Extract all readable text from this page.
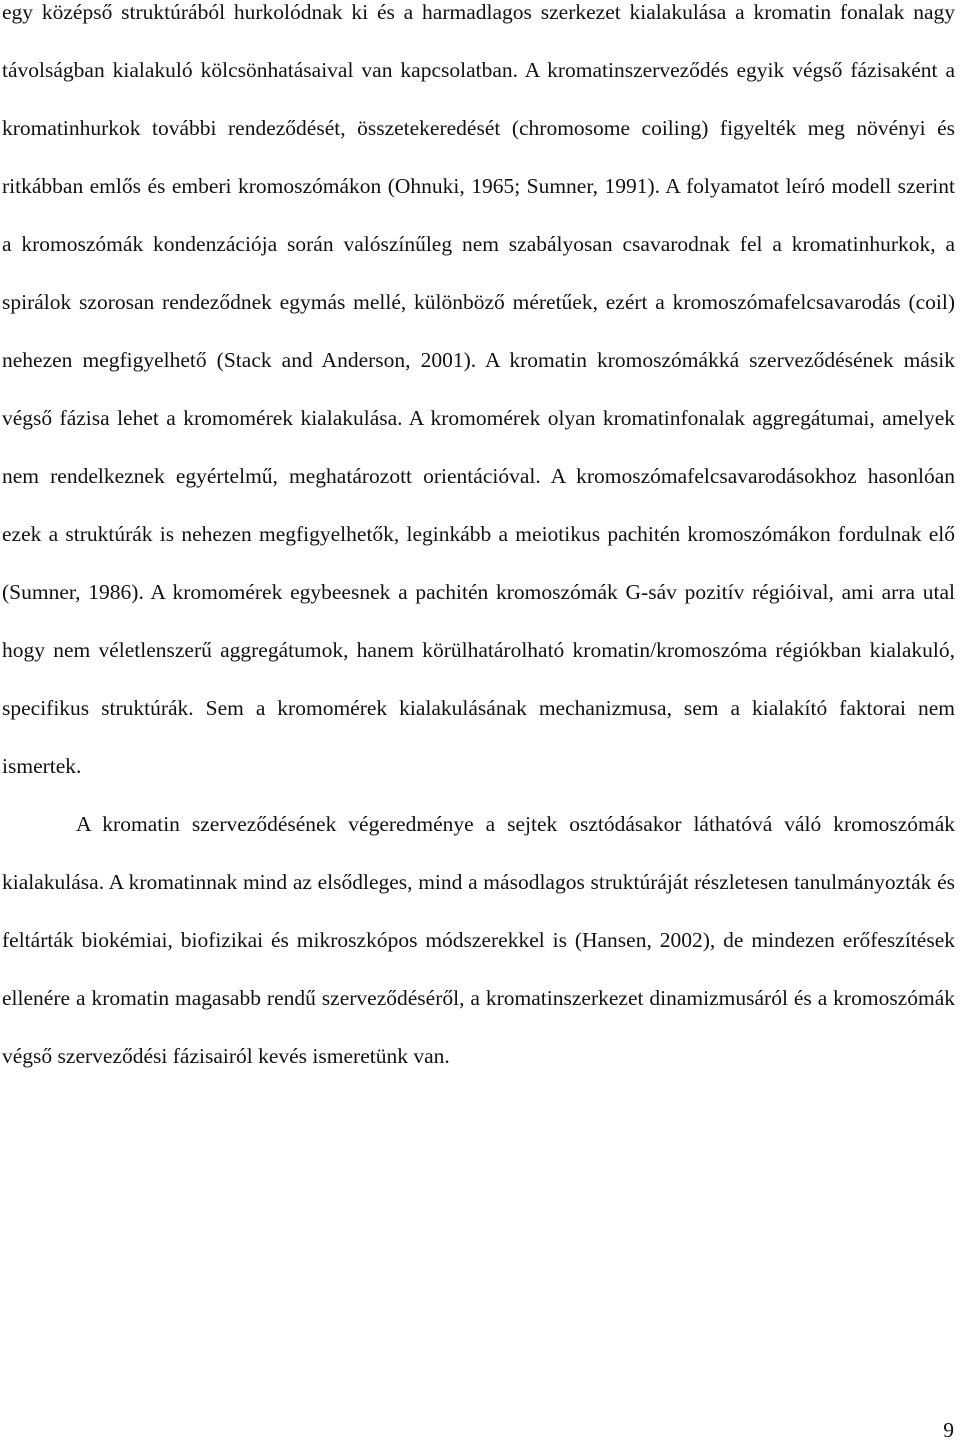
egy középső struktúrából hurkolódnak ki és a harmadlagos szerkezet kialakulása a kromatin fonalak nagy távolságban kialakuló kölcsönhatásaival van kapcsolatban. A kromatinszerveződés egyik végső fázisaként a kromatinhurkok további rendeződését, összetekeredését (chromosome coiling) figyelték meg növényi és ritkábban emlős és emberi kromoszómákon (Ohnuki, 1965; Sumner, 1991). A folyamatot leíró modell szerint a kromoszómák kondenzációja során valószínűleg nem szabályosan csavarodnak fel a kromatinhurkok, a spirálok szorosan rendeződnek egymás mellé, különböző méretűek, ezért a kromoszómafelcsavarodás (coil) nehezen megfigyelhető (Stack and Anderson, 2001). A kromatin kromoszómákká szerveződésének másik végső fázisa lehet a kromomérek kialakulása. A kromomérek olyan kromatinfonalak aggregátumai, amelyek nem rendelkeznek egyértelmű, meghatározott orientációval. A kromoszómafelcsavarodásokhoz hasonlóan ezek a struktúrák is nehezen megfigyelhetők, leginkább a meiotikus pachitén kromoszómákon fordulnak elő (Sumner, 1986). A kromomérek egybeesnek a pachitén kromoszómák G-sáv pozitív régióival, ami arra utal hogy nem véletlenszerű aggregátumok, hanem körülhatárolható kromatin/kromoszóma régiókban kialakuló, specifikus struktúrák. Sem a kromomérek kialakulásának mechanizmusa, sem a kialakító faktorai nem ismertek.

A kromatin szerveződésének végeredménye a sejtek osztódásakor láthatóvá váló kromoszómák kialakulása. A kromatinnak mind az elsődleges, mind a másodlagos struktúráját részletesen tanulmányozták és feltárták biokémiai, biofizikai és mikroszkópos módszerekkel is (Hansen, 2002), de mindezen erőfeszítések ellenére a kromatin magasabb rendű szerveződéséről, a kromatinszerkezet dinamizmusáról és a kromoszómák végső szerveződési fázisairól kevés ismeretünk van.

9
